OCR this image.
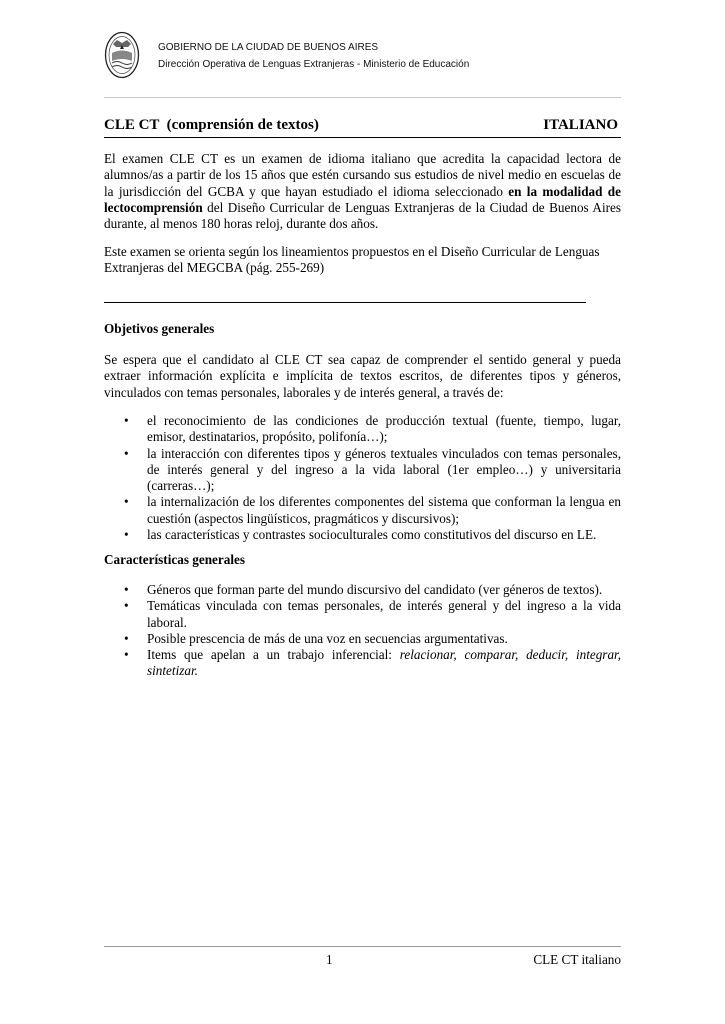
GOBIERNO DE LA CIUDAD DE BUENOS AIRES
Dirección Operativa de Lenguas Extranjeras - Ministerio de Educación
CLE CT  (comprensión de textos)	ITALIANO

El examen CLE CT es un examen de idioma italiano que acredita la capacidad lectora de alumnos/as a partir de los 15 años que estén cursando sus estudios de nivel medio en escuelas de la jurisdicción del GCBA y que hayan estudiado el idioma seleccionado en la modalidad de lectocomprensión del Diseño Curricular de Lenguas Extranjeras de la Ciudad de Buenos Aires durante, al menos 180 horas reloj, durante dos años.

Este examen se orienta según los lineamientos propuestos en el Diseño Curricular de Lenguas Extranjeras del MEGCBA (pág. 255-269)

Objetivos generales

Se espera que el candidato al CLE CT sea capaz de comprender el sentido general y pueda extraer información explícita e implícita de textos escritos, de diferentes tipos y géneros, vinculados con temas personales, laborales y de interés general, a través de:

• el reconocimiento de las condiciones de producción textual (fuente, tiempo, lugar, emisor, destinatarios, propósito, polifonía…);
• la interacción con diferentes tipos y géneros textuales vinculados con temas personales, de interés general y del ingreso a la vida laboral (1er empleo…) y universitaria (carreras…);
• la internalización de los diferentes componentes del sistema que conforman la lengua en cuestión (aspectos lingüísticos, pragmáticos y discursivos);
• las características y contrastes socioculturales como constitutivos del discurso en LE.
Características generales
• Géneros que forman parte del mundo discursivo del candidato (ver géneros de textos).
• Temáticas vinculada con temas personales, de interés general y del ingreso a la vida laboral.
• Posible prescencia de más de una voz en secuencias argumentativas.
• Items que apelan a un trabajo inferencial: relacionar, comparar, deducir, integrar, sintetizar.
1	CLE CT italiano
